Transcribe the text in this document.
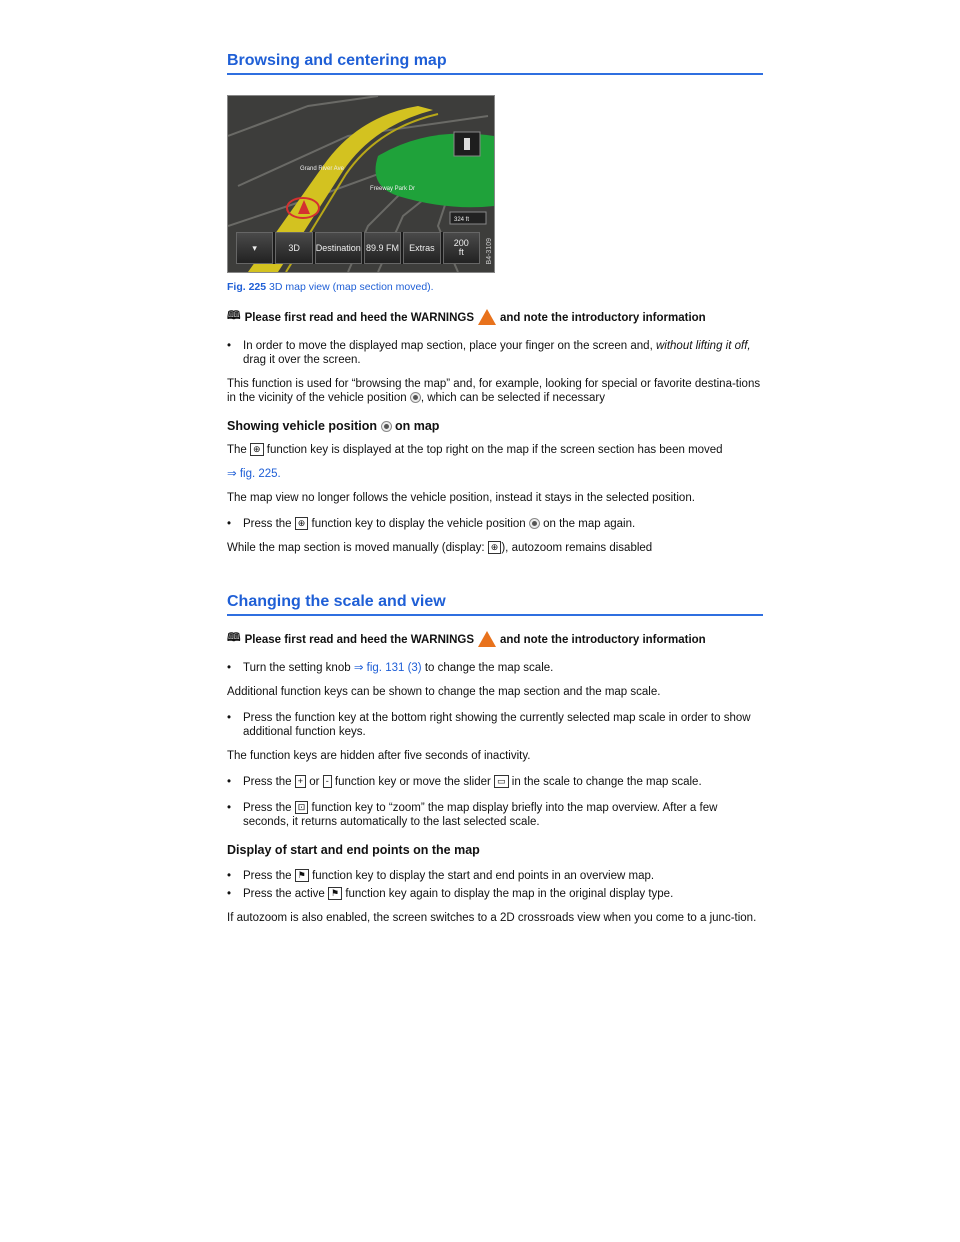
Browsing and centering map
Grand River Ave
Freeway Park Dr
324 ft
▾	3D	Destination 89.9 FM	Extras	200
ft	B4-3109

Fig. 225 3D map view (map section moved).

🕮 Please first read and heed the WARNINGS and note the introductory information
• In order to move the displayed map section, place your finger on the screen and, without lifting it off, drag it over the screen.

This function is used for “browsing the map” and, for example, looking for special or favorite destina-tions in the vicinity of the vehicle position , which can be selected if necessary

Showing vehicle position on map

The ⊕ function key is displayed at the top right on the map if the screen section has been moved

⇒ fig. 225.

The map view no longer follows the vehicle position, instead it stays in the selected position.

• Press the ⊕ function key to display the vehicle position on the map again.

While the map section is moved manually (display: ⊕ ), autozoom remains disabled

Changing the scale and view
🕮 Please first read and heed the WARNINGS and note the introductory information
• Turn the setting knob ⇒ fig. 131 (3) to change the map scale.

Additional function keys can be shown to change the map section and the map scale.

• Press the function key at the bottom right showing the currently selected map scale in order to show additional function keys.

The function keys are hidden after five seconds of inactivity.

• Press the + or - function key or move the slider ▭ in the scale to change the map scale.
• Press the ⊡ function key to “zoom” the map display briefly into the map overview. After a few seconds, it returns automatically to the last selected scale.
Display of start and end points on the map
• Press the ⚑ function key to display the start and end points in an overview map.
• Press the active ⚑ function key again to display the map in the original display type.

If autozoom is also enabled, the screen switches to a 2D crossroads view when you come to a junc-tion.
